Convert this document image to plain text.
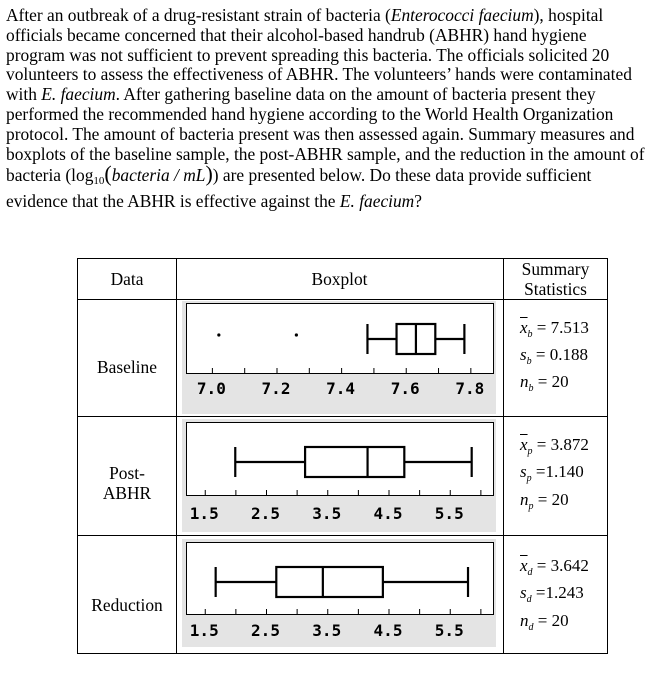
After an outbreak of a drug-resistant strain of bacteria (Enterococci faecium), hospital officials became concerned that their alcohol-based handrub (ABHR) hand hygiene program was not sufficient to prevent spreading this bacteria. The officials solicited 20 volunteers to assess the effectiveness of ABHR. The volunteers’ hands were contaminated with E. faecium. After gathering baseline data on the amount of bacteria present they performed the recommended hand hygiene according to the World Health Organization protocol. The amount of bacteria present was then assessed again. Summary measures and boxplots of the baseline sample, the post-ABHR sample, and the reduction in the amount of bacteria $(\log_{10}(bacteria / mL))$ are presented below. Do these data provide sufficient evidence that the ABHR is effective against the E. faecium?
Data	Boxplot	Summary
Statistics
Baseline
Post-
ABHR
Reduction
7.0 7.2 7.4 7.6 7.8
1.5 2.5 3.5 4.5 5.5
1.5 2.5 3.5 4.5 5.5
$\overline{x}_b = 7.513$
$s_b = 0.188$
$n_b = 20$
$\overline{x}_p = 3.872$
$s_p =1.140$
$n_p = 20$
$\overline{x}_d = 3.642$
$s_d =1.243$
$n_d = 20$
